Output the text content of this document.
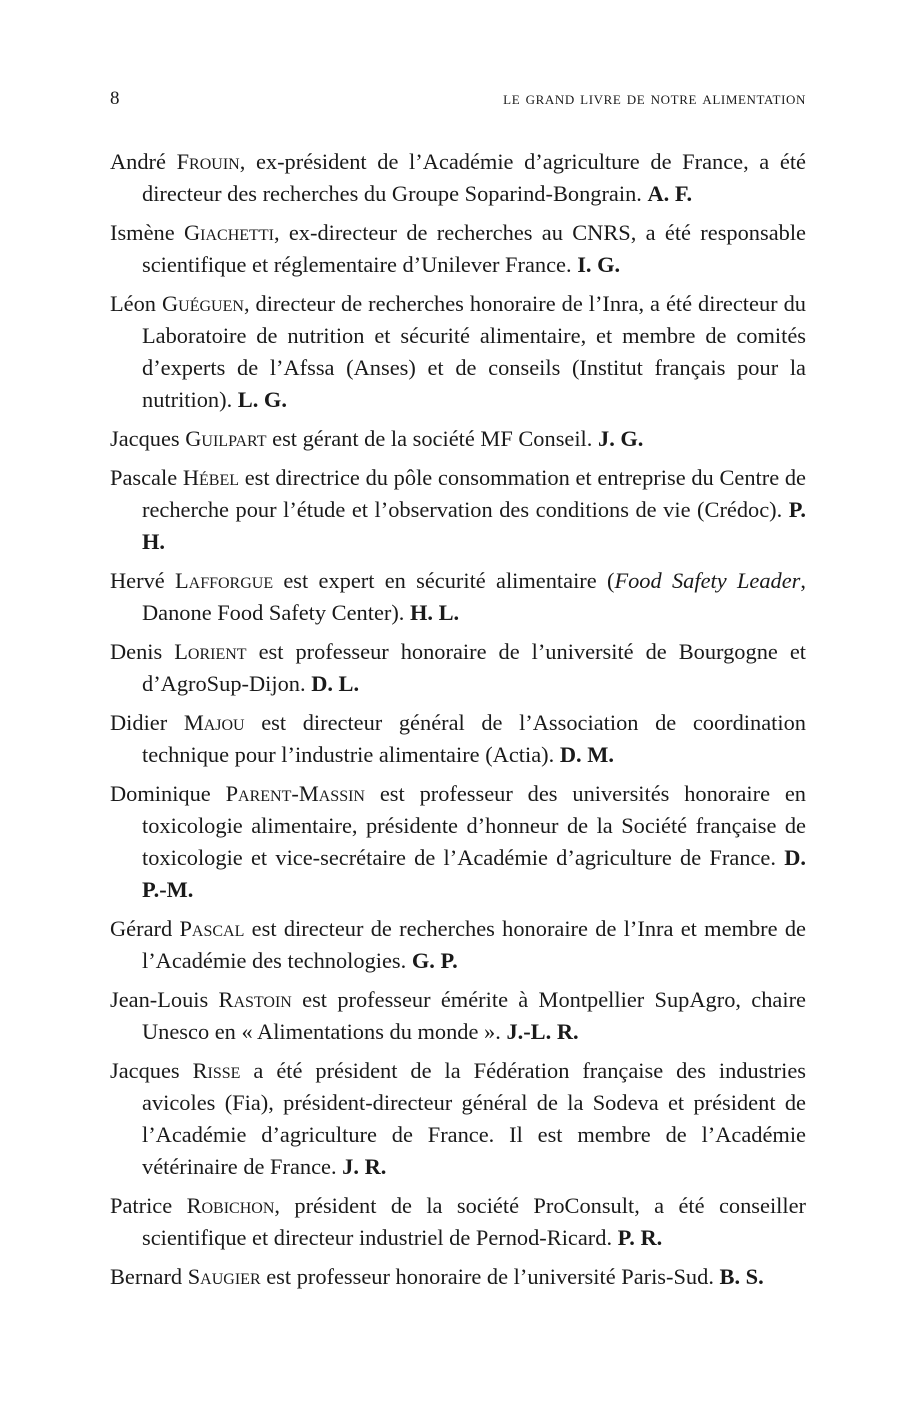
8	le grand livre de notre alimentation

André Frouin, ex-président de l’Académie d’agriculture de France, a été directeur des recherches du Groupe Soparind-Bongrain. A. F.

Ismène Giachetti, ex-directeur de recherches au CNRS, a été responsable scientifique et réglementaire d’Unilever France. I. G.

Léon Guéguen, directeur de recherches honoraire de l’Inra, a été directeur du Laboratoire de nutrition et sécurité alimentaire, et membre de comités d’experts de l’Afssa (Anses) et de conseils (Institut français pour la nutrition). L. G.

Jacques Guilpart est gérant de la société MF Conseil. J. G.

Pascale Hébel est directrice du pôle consommation et entreprise du Centre de recherche pour l’étude et l’observation des conditions de vie (Crédoc). P. H.

Hervé Lafforgue est expert en sécurité alimentaire (Food Safety Leader, Danone Food Safety Center). H. L.

Denis Lorient est professeur honoraire de l’université de Bourgogne et d’AgroSup-Dijon. D. L.

Didier Majou est directeur général de l’Association de coordination technique pour l’industrie alimentaire (Actia). D. M.

Dominique Parent-Massin est professeur des universités honoraire en toxicologie alimentaire, présidente d’honneur de la Société française de toxicologie et vice-secrétaire de l’Académie d’agriculture de France. D. P.-M.

Gérard Pascal est directeur de recherches honoraire de l’Inra et membre de l’Académie des technologies. G. P.

Jean-Louis Rastoin est professeur émérite à Montpellier SupAgro, chaire Unesco en « Alimentations du monde ». J.-L. R.

Jacques Risse a été président de la Fédération française des industries avicoles (Fia), président-directeur général de la Sodeva et président de l’Académie d’agriculture de France. Il est membre de l’Académie vétérinaire de France. J. R.

Patrice Robichon, président de la société ProConsult, a été conseiller scientifique et directeur industriel de Pernod-Ricard. P. R.

Bernard Saugier est professeur honoraire de l’université Paris-Sud. B. S.
